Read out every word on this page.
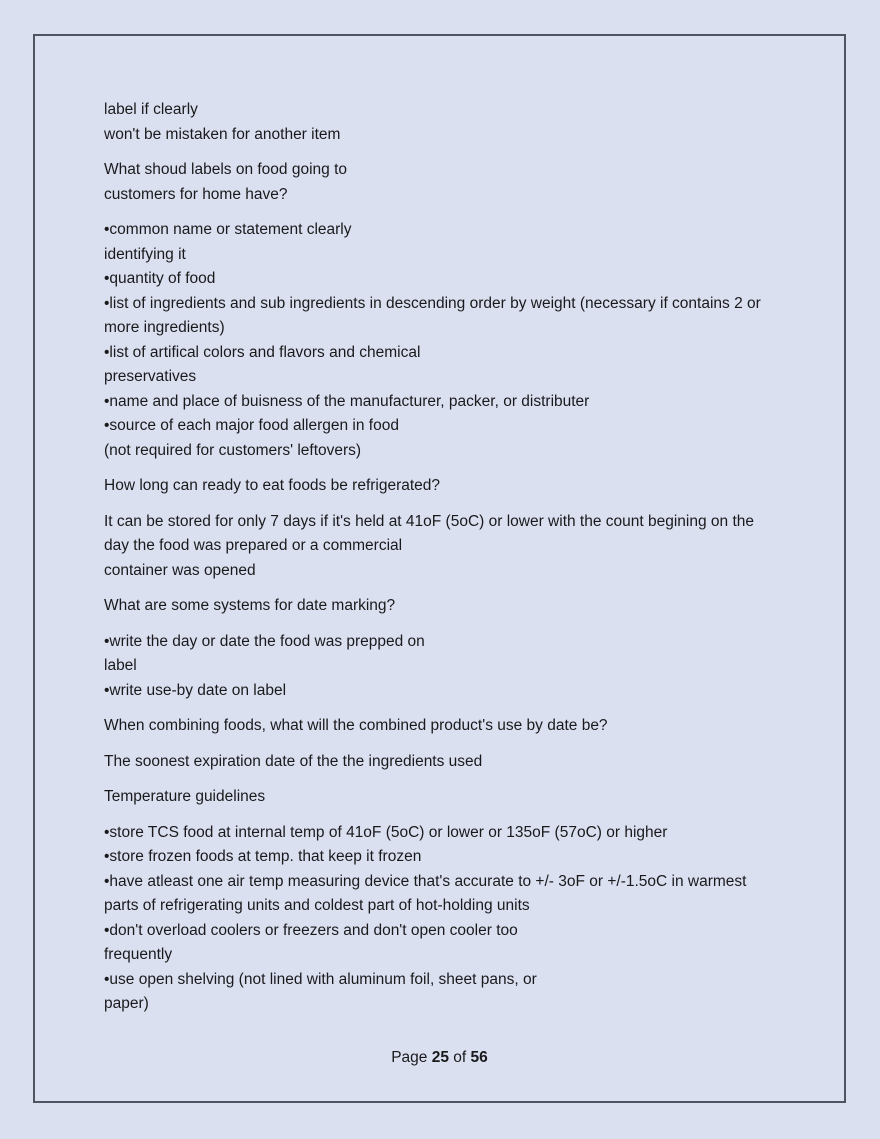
label if clearly
won't be mistaken for another item
What shoud labels on food going to
customers for home have?
•common name or statement clearly
identifying it
•quantity of food
•list of ingredients and sub ingredients in descending order by weight (necessary if contains 2 or
more ingredients)
•list of artifical colors and flavors and chemical
preservatives
•name and place of buisness of the manufacturer, packer, or distributer
•source of each major food allergen in food
(not required for customers' leftovers)
How long can ready to eat foods be refrigerated?
It can be stored for only 7 days if it's held at 41oF (5oC) or lower with the count begining on the
day the food was prepared or a commercial
container was opened
What are some systems for date marking?
•write the day or date the food was prepped on
label
•write use-by date on label
When combining foods, what will the combined product's use by date be?
The soonest expiration date of the the ingredients used
Temperature guidelines
•store TCS food at internal temp of 41oF (5oC) or lower or 135oF (57oC) or higher
•store frozen foods at temp. that keep it frozen
•have atleast one air temp measuring device that's accurate to +/- 3oF or +/-1.5oC in warmest
parts of refrigerating units and coldest part of hot-holding units
•don't overload coolers or freezers and don't open cooler too
frequently
•use open shelving (not lined with aluminum foil, sheet pans, or
paper)
Page 25 of 56
